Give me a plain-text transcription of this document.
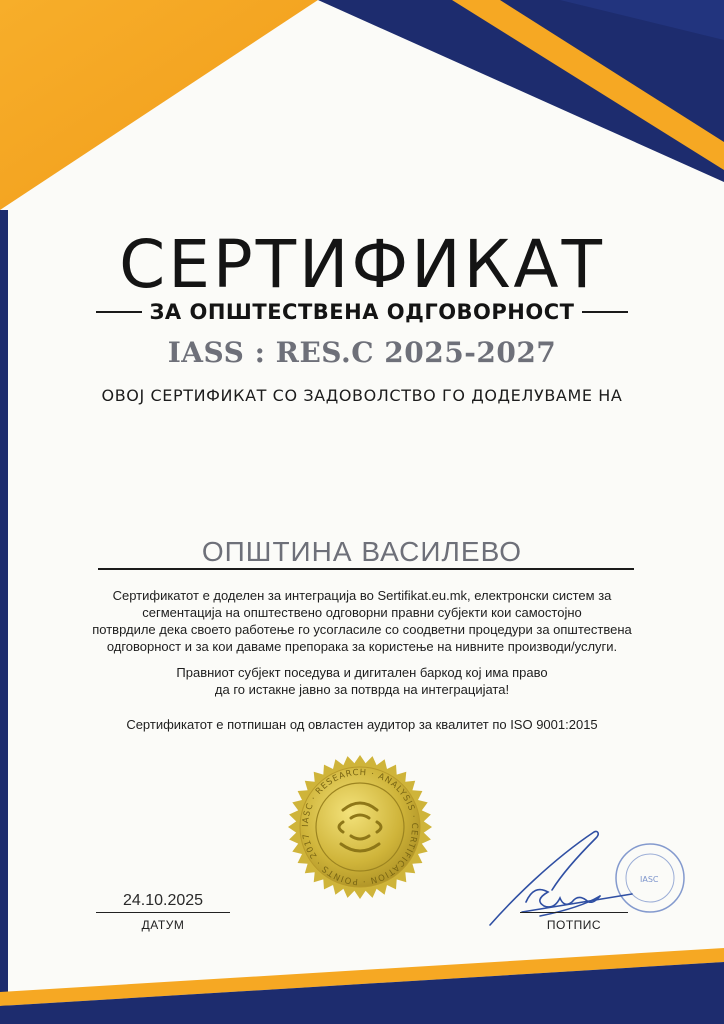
СЕРТИФИКАТ
ЗА ОПШТЕСТВЕНА ОДГОВОРНОСТ
IASS : RES.C 2025-2027
ОВОЈ СЕРТИФИКАТ СО ЗАДОВОЛСТВО ГО ДОДЕЛУВАМЕ НА
ОПШТИНА ВАСИЛЕВО

Сертификатот е доделен за интеграција во Sertifikat.eu.mk, електронски систем за

сегментација на општествено одговорни правни субјекти кои самостојно

потврдиле дека своето работење го усогласиле со соодветни процедури за општествена

одговорност и за кои даваме препорака за користење на нивните производи/услуги.

Правниот субјект поседува и дигитален баркод кој има право

да го истакне јавно за потврда на интеграцијата!

Сертификатот е потпишан од овластен аудитор за квалитет по ISO 9001:2015

IASC · RESEARCH · ANALYSIS · CERTIFICATION · POINTS · 2017
24.10.2025
ДАТУМ
IASC
ПОТПИС
